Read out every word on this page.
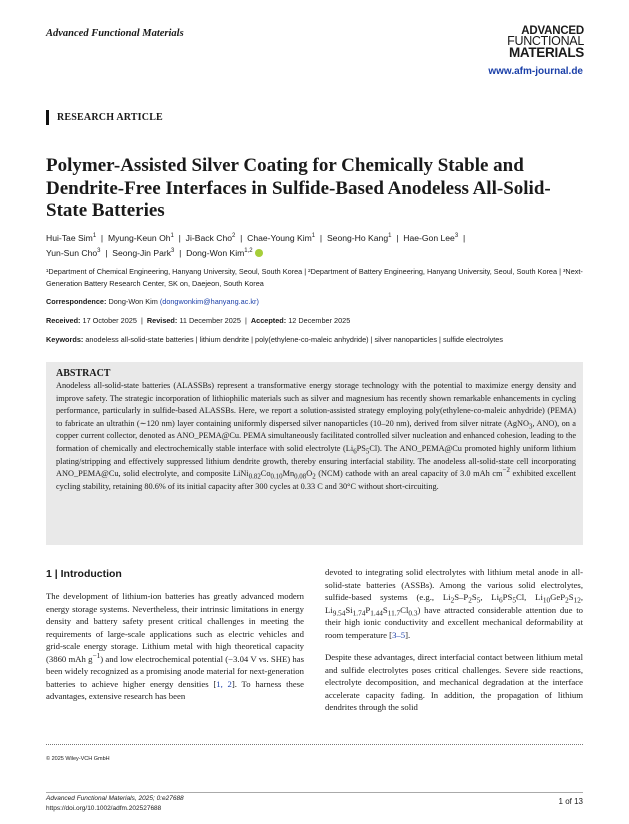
Advanced Functional Materials	ADVANCED
FUNCTIONAL
MATERIALS
www.afm-journal.de
RESEARCH ARTICLE
Polymer-Assisted Silver Coating for Chemically Stable and Dendrite-Free Interfaces in Sulfide-Based Anodeless All-Solid-State Batteries
Hui-Tae Sim$^1$  |  Myung-Keun Oh$^1$  |  Ji-Back Cho$^2$  |  Chae-Young Kim$^1$  |  Seong-Ho Kang$^1$  |  Hae-Gon Lee$^3$  |
Yun-Sun Cho$^3$  |  Seong-Jin Park$^3$  |  Dong-Won Kim$^{1,2}$
¹Department of Chemical Engineering, Hanyang University, Seoul, South Korea | ²Department of Battery Engineering, Hanyang University, Seoul, South Korea | ³Next-Generation Battery Research Center, SK on, Daejeon, South Korea
Correspondence: Dong-Won Kim (dongwonkim@hanyang.ac.kr)
Received: 17 October 2025  |  Revised: 11 December 2025  |  Accepted: 12 December 2025
Keywords: anodeless all-solid-state batteries | lithium dendrite | poly(ethylene-co-maleic anhydride) | silver nanoparticles | sulfide electrolytes
ABSTRACT
Anodeless all-solid-state batteries (ALASSBs) represent a transformative energy storage technology with the potential to maximize energy density and improve safety. The strategic incorporation of lithiophilic materials such as silver and magnesium has recently shown remarkable enhancements in cycling performance, particularly in sulfide-based ALASSBs. Here, we report a solution-assisted strategy employing poly(ethylene-co-maleic anhydride) (PEMA) to fabricate an ultrathin (∼120 nm) layer containing uniformly dispersed silver nanoparticles (10–20 nm), derived from silver nitrate (AgNO$_3$, ANO), on a copper current collector, denoted as ANO_PEMA@Cu. PEMA simultaneously facilitated controlled silver nucleation and enhanced cohesion, leading to the formation of chemically and electrochemically stable interface with solid electrolyte $(Li_6PS_5Cl)$. The ANO_PEMA@Cu promoted highly uniform lithium plating/stripping and effectively suppressed lithium dendrite growth, thereby ensuring interfacial stability. The anodeless all-solid-state cell incorporating ANO_PEMA@Cu, solid electrolyte, and composite $LiNi_{0.82}Co_{0.10}Mn_{0.08}O_2$ (NCM) cathode with an areal capacity of 3.0 mAh $cm^{-2}$ exhibited excellent cycling stability, retaining 80.6% of its initial capacity after 300 cycles at 0.33 C and 30°C without short-circuiting.
1 | Introduction

The development of lithium-ion batteries has greatly advanced modern energy storage systems. Nevertheless, their intrinsic limitations in energy density and battery safety present critical challenges in meeting the requirements of large-scale applications such as electric vehicles and grid-scale energy storage. Lithium metal with high theoretical capacity (3860 mAh $g^{-1}$) and low electrochemical potential (−3.04 V vs. SHE) has been widely recognized as a promising anode material for next-generation batteries to achieve higher energy densities [1, 2]. To harness these advantages, extensive research has been

devoted to integrating solid electrolytes with lithium metal anode in all-solid-state batteries (ASSBs). Among the various solid electrolytes, sulfide-based systems (e.g., $Li_2S-P_2S_5$, $Li_6PS_5Cl$, $Li_{10}GeP_2S_{12}$, $Li_{9.54}Si_{1.74}P_{1.44}S_{11.7}Cl_{0.3}$) have attracted considerable attention due to their high ionic conductivity and excellent mechanical deformability at room temperature [3–5].

Despite these advantages, direct interfacial contact between lithium metal and sulfide electrolytes poses critical challenges. Severe side reactions, electrolyte decomposition, and mechanical degradation at the interface accelerate capacity fading. In addition, the propagation of lithium dendrites through the solid

© 2025 Wiley-VCH GmbH
Advanced Functional Materials, 2025; 0:e27688
https://doi.org/10.1002/adfm.202527688
1 of 13
